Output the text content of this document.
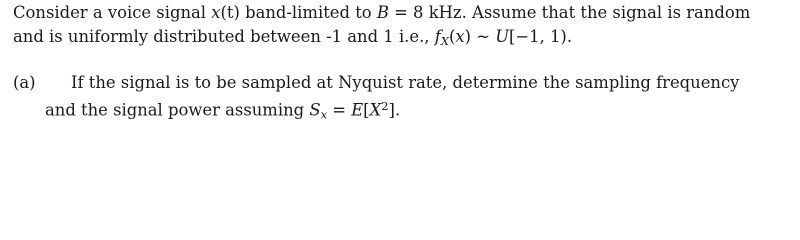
Consider a voice signal x(t) band-limited to B = 8 kHz. Assume that the signal is random
and is uniformly distributed between -1 and 1 i.e., $f_X(x)$ ~ U[−1, 1).
(a) If the signal is to be sampled at Nyquist rate, determine the sampling frequency
and the signal power assuming $S_x = E[X^2]$.
